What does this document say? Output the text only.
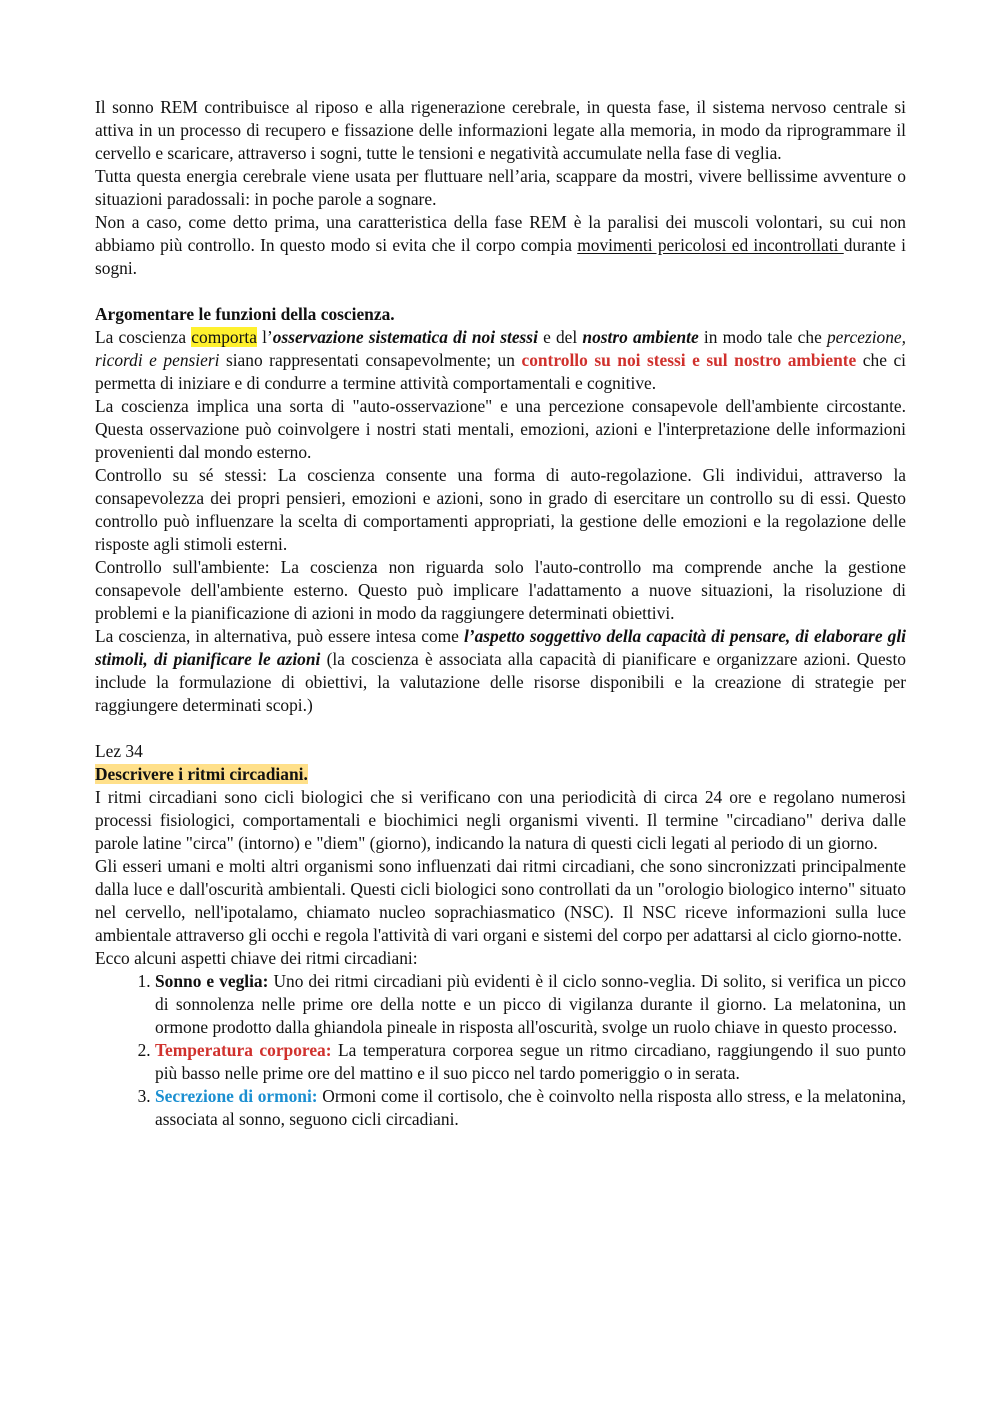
Il sonno REM contribuisce al riposo e alla rigenerazione cerebrale, in questa fase, il sistema nervoso centrale si attiva in un processo di recupero e fissazione delle informazioni legate alla memoria, in modo da riprogrammare il cervello e scaricare, attraverso i sogni, tutte le tensioni e negatività accumulate nella fase di veglia.

Tutta questa energia cerebrale viene usata per fluttuare nell’aria, scappare da mostri, vivere bellissime avventure o situazioni paradossali: in poche parole a sognare.

Non a caso, come detto prima, una caratteristica della fase REM è la paralisi dei muscoli volontari, su cui non abbiamo più controllo. In questo modo si evita che il corpo compia movimenti pericolosi ed incontrollati durante i sogni.

Argomentare le funzioni della coscienza.

La coscienza comporta l’osservazione sistematica di noi stessi e del nostro ambiente in modo tale che percezione, ricordi e pensieri siano rappresentati consapevolmente; un controllo su noi stessi e sul nostro ambiente che ci permetta di iniziare e di condurre a termine attività comportamentali e cognitive.

La coscienza implica una sorta di "auto-osservazione" e una percezione consapevole dell'ambiente circostante. Questa osservazione può coinvolgere i nostri stati mentali, emozioni, azioni e l'interpretazione delle informazioni provenienti dal mondo esterno.

Controllo su sé stessi: La coscienza consente una forma di auto-regolazione. Gli individui, attraverso la consapevolezza dei propri pensieri, emozioni e azioni, sono in grado di esercitare un controllo su di essi. Questo controllo può influenzare la scelta di comportamenti appropriati, la gestione delle emozioni e la regolazione delle risposte agli stimoli esterni.

Controllo sull'ambiente: La coscienza non riguarda solo l'auto-controllo ma comprende anche la gestione consapevole dell'ambiente esterno. Questo può implicare l'adattamento a nuove situazioni, la risoluzione di problemi e la pianificazione di azioni in modo da raggiungere determinati obiettivi.

La coscienza, in alternativa, può essere intesa come l’aspetto soggettivo della capacità di pensare, di elaborare gli stimoli, di pianificare le azioni (la coscienza è associata alla capacità di pianificare e organizzare azioni. Questo include la formulazione di obiettivi, la valutazione delle risorse disponibili e la creazione di strategie per raggiungere determinati scopi.)

Lez 34

Descrivere i ritmi circadiani.

I ritmi circadiani sono cicli biologici che si verificano con una periodicità di circa 24 ore e regolano numerosi processi fisiologici, comportamentali e biochimici negli organismi viventi. Il termine "circadiano" deriva dalle parole latine "circa" (intorno) e "diem" (giorno), indicando la natura di questi cicli legati al periodo di un giorno.

Gli esseri umani e molti altri organismi sono influenzati dai ritmi circadiani, che sono sincronizzati principalmente dalla luce e dall'oscurità ambientali. Questi cicli biologici sono controllati da un "orologio biologico interno" situato nel cervello, nell'ipotalamo, chiamato nucleo soprachiasmatico (NSC). Il NSC riceve informazioni sulla luce ambientale attraverso gli occhi e regola l'attività di vari organi e sistemi del corpo per adattarsi al ciclo giorno-notte.

Ecco alcuni aspetti chiave dei ritmi circadiani:

1. Sonno e veglia: Uno dei ritmi circadiani più evidenti è il ciclo sonno-veglia. Di solito, si verifica un picco di sonnolenza nelle prime ore della notte e un picco di vigilanza durante il giorno. La melatonina, un ormone prodotto dalla ghiandola pineale in risposta all'oscurità, svolge un ruolo chiave in questo processo.
2. Temperatura corporea: La temperatura corporea segue un ritmo circadiano, raggiungendo il suo punto più basso nelle prime ore del mattino e il suo picco nel tardo pomeriggio o in serata.
3. Secrezione di ormoni: Ormoni come il cortisolo, che è coinvolto nella risposta allo stress, e la melatonina, associata al sonno, seguono cicli circadiani.
